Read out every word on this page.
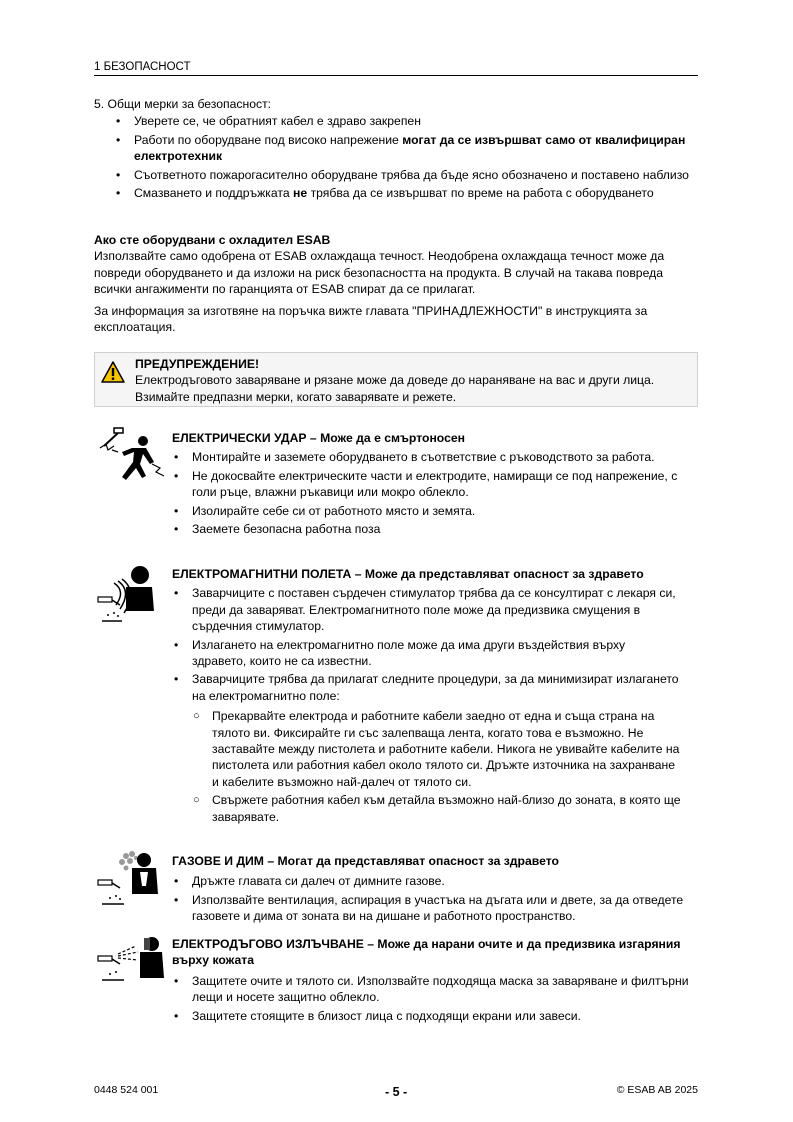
1 БЕЗОПАСНОСТ

5. Общи мерки за безопасност:

• Уверете се, че обратният кабел е здраво закрепен
• Работи по оборудване под високо напрежение могат да се извършват само от квалифициран електротехник
• Съответното пожарогасително оборудване трябва да бъде ясно обозначено и поставено наблизо
• Смазването и поддръжката не трябва да се извършват по време на работа с оборудването

Ако сте оборудвани с охладител ESAB

Използвайте само одобрена от ESAB охлаждаща течност. Неодобрена охлаждаща течност може да повреди оборудването и да изложи на риск безопасността на продукта. В случай на такава повреда всички ангажименти по гаранцията от ESAB спират да се прилагат.

За информация за изготвяне на поръчка вижте главата "ПРИНАДЛЕЖНОСТИ" в инструкцията за експлоатация.

ПРЕДУПРЕЖДЕНИЕ!

Електродъговото заваряване и рязане може да доведе до нараняване на вас и други лица. Взимайте предпазни мерки, когато заварявате и режете.

ЕЛЕКТРИЧЕСКИ УДАР – Може да е смъртоносен

• Монтирайте и заземете оборудването в съответствие с ръководството за работа.
• Не докосвайте електрическите части и електродите, намиращи се под напрежение, с голи ръце, влажни ръкавици или мокро облекло.
• Изолирайте себе си от работното място и земята.
• Заемете безопасна работна поза

ЕЛЕКТРОМАГНИТНИ ПОЛЕТА – Може да представляват опасност за здравето

• Заварчиците с поставен сърдечен стимулатор трябва да се консултират с лекаря си, преди да заваряват. Електромагнитното поле може да предизвика смущения в сърдечния стимулатор.
• Излагането на електромагнитно поле може да има други въздействия върху здравето, които не са известни.
• Заварчиците трябва да прилагат следните процедури, за да минимизират излагането на електромагнитно поле:
○ Прекарвайте електрода и работните кабели заедно от една и съща страна на тялото ви. Фиксирайте ги със залепваща лента, когато това е възможно. Не заставайте между пистолета и работните кабели. Никога не увивайте кабелите на пистолета или работния кабел около тялото си. Дръжте източника на захранване и кабелите възможно най-далеч от тялото си.
○ Свържете работния кабел към детайла възможно най-близо до зоната, в която ще заварявате.

ГАЗОВЕ И ДИМ – Могат да представляват опасност за здравето

• Дръжте главата си далеч от димните газове.
• Използвайте вентилация, аспирация в участъка на дъгата или и двете, за да отведете газовете и дима от зоната ви на дишане и работното пространство.

ЕЛЕКТРОДЪГОВО ИЗЛЪЧВАНЕ – Може да нарани очите и да предизвика изгаряния върху кожата

• Защитете очите и тялото си. Използвайте подходяща маска за заваряване и филтърни лещи и носете защитно облекло.
• Защитете стоящите в близост лица с подходящи екрани или завеси.
0448 524 001	- 5 -	© ESAB AB 2025
